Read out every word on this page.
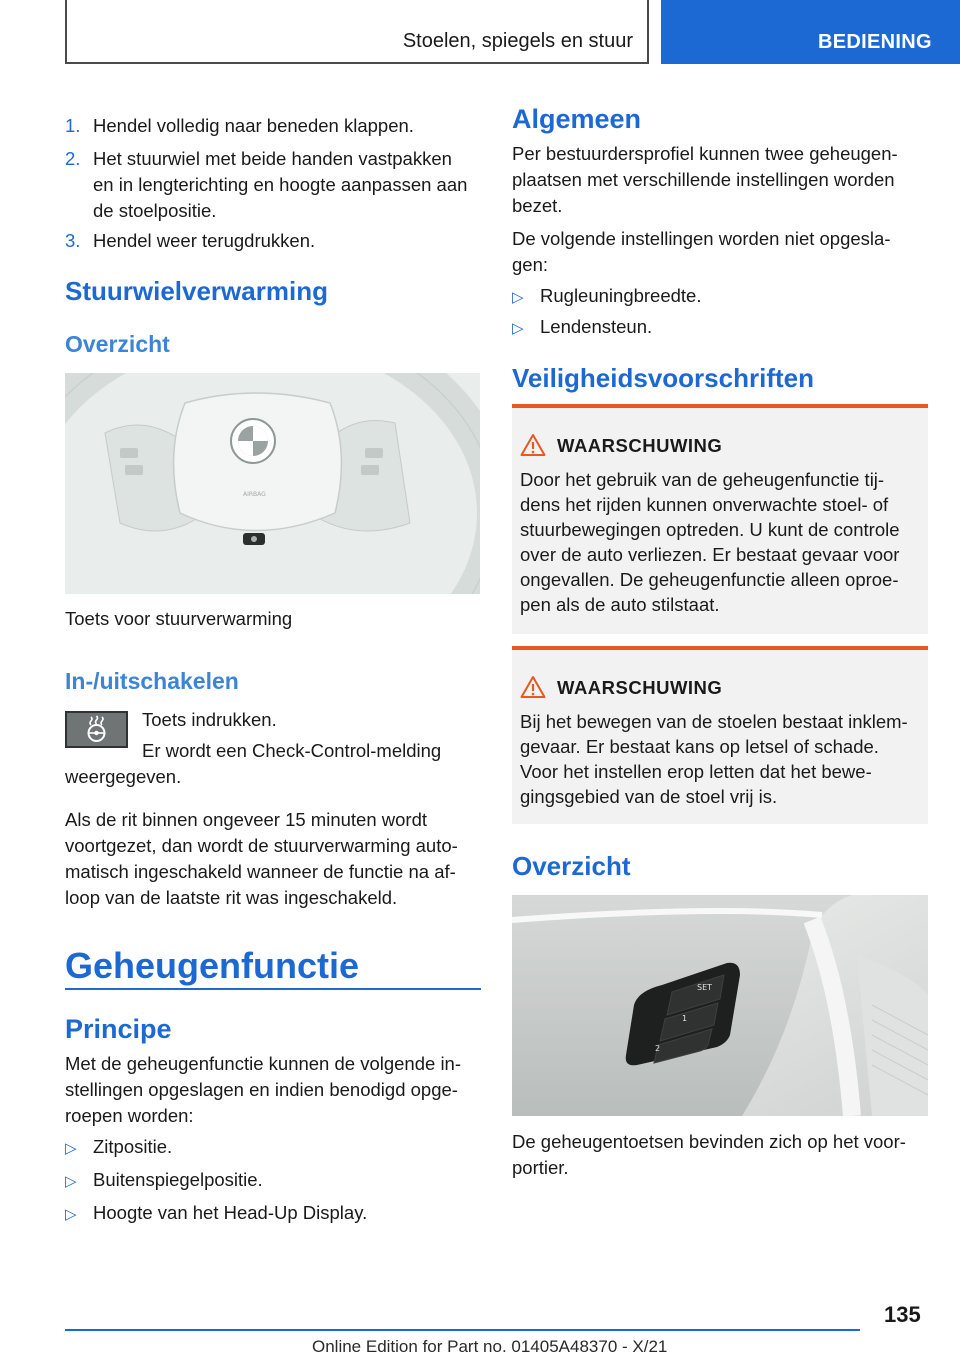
Stoelen, spiegels en stuur	BEDIENING
1. Hendel volledig naar beneden klappen.
2. Het stuurwiel met beide handen vastpakken
en in lengterichting en hoogte aanpassen aan
de stoelpositie.
3. Hendel weer terugdrukken.
Stuurwielverwarming
Overzicht
AIRBAG
Toets voor stuurverwarming
In-/uitschakelen
Toets indrukken.
Er wordt een Check-Control-melding
weergegeven.
Als de rit binnen ongeveer 15 minuten wordt
voortgezet, dan wordt de stuurverwarming auto-
matisch ingeschakeld wanneer de functie na af-
loop van de laatste rit was ingeschakeld.
Geheugenfunctie
Principe
Met de geheugenfunctie kunnen de volgende in-
stellingen opgeslagen en indien benodigd opge-
roepen worden:
▷ Zitpositie.
▷ Buitenspiegelpositie.
▷ Hoogte van het Head-Up Display.
Algemeen
Per bestuurdersprofiel kunnen twee geheugen-
plaatsen met verschillende instellingen worden
bezet.
De volgende instellingen worden niet opgesla-
gen:
▷ Rugleuningbreedte.
▷ Lendensteun.
Veiligheidsvoorschriften
WAARSCHUWING
Door het gebruik van de geheugenfunctie tij-
dens het rijden kunnen onverwachte stoel- of
stuurbewegingen optreden. U kunt de controle
over de auto verliezen. Er bestaat gevaar voor
ongevallen. De geheugenfunctie alleen oproe-
pen als de auto stilstaat.
WAARSCHUWING
Bij het bewegen van de stoelen bestaat inklem-
gevaar. Er bestaat kans op letsel of schade.
Voor het instellen erop letten dat het bewe-
gingsgebied van de stoel vrij is.
Overzicht
SET
1
2
De geheugentoetsen bevinden zich op het voor-
portier.
135
Online Edition for Part no. 01405A48370 - X/21
